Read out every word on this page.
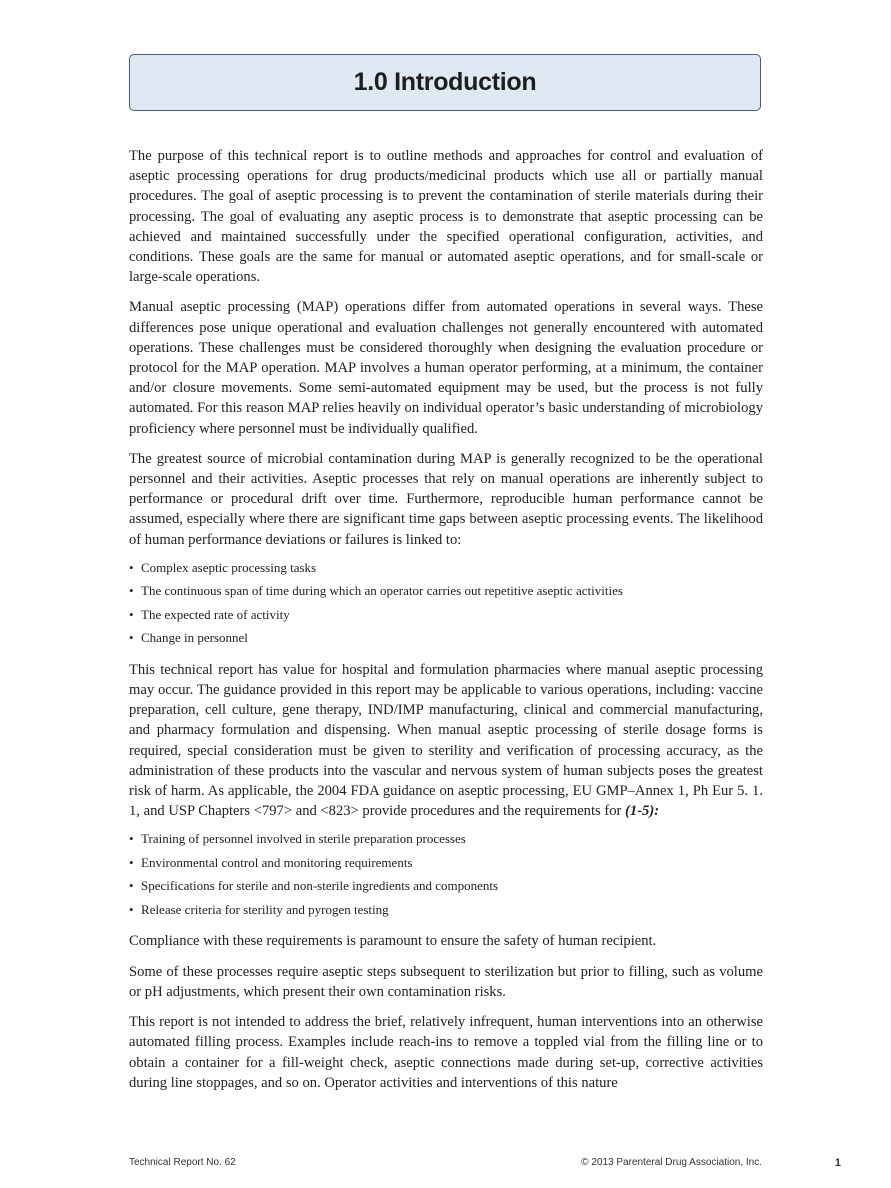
1.0 Introduction

The purpose of this technical report is to outline methods and approaches for control and evaluation of aseptic processing operations for drug products/medicinal products which use all or partially manual procedures. The goal of aseptic processing is to prevent the contamination of sterile materials during their processing. The goal of evaluating any aseptic process is to demonstrate that aseptic processing can be achieved and maintained successfully under the specified operational configuration, activities, and conditions. These goals are the same for manual or automated aseptic operations, and for small-scale or large-scale operations.

Manual aseptic processing (MAP) operations differ from automated operations in several ways. These differences pose unique operational and evaluation challenges not generally encountered with automated operations. These challenges must be considered thoroughly when designing the evaluation procedure or protocol for the MAP operation. MAP involves a human operator performing, at a minimum, the container and/or closure movements. Some semi-automated equipment may be used, but the process is not fully automated. For this reason MAP relies heavily on individual operator’s basic understanding of microbiology proficiency where personnel must be individually qualified.

The greatest source of microbial contamination during MAP is generally recognized to be the operational personnel and their activities. Aseptic processes that rely on manual operations are inherently subject to performance or procedural drift over time. Furthermore, reproducible human performance cannot be assumed, especially where there are significant time gaps between aseptic processing events. The likelihood of human performance deviations or failures is linked to:

• Complex aseptic processing tasks
• The continuous span of time during which an operator carries out repetitive aseptic activities
• The expected rate of activity
• Change in personnel

This technical report has value for hospital and formulation pharmacies where manual aseptic processing may occur. The guidance provided in this report may be applicable to various operations, including: vaccine preparation, cell culture, gene therapy, IND/IMP manufacturing, clinical and commercial manufacturing, and pharmacy formulation and dispensing. When manual aseptic processing of sterile dosage forms is required, special consideration must be given to sterility and verification of processing accuracy, as the administration of these products into the vascular and nervous system of human subjects poses the greatest risk of harm. As applicable, the 2004 FDA guidance on aseptic processing, EU GMP–Annex 1, Ph Eur 5. 1. 1, and USP Chapters <797> and <823> provide procedures and the requirements for (1-5):

• Training of personnel involved in sterile preparation processes
• Environmental control and monitoring requirements
• Specifications for sterile and non-sterile ingredients and components
• Release criteria for sterility and pyrogen testing

Compliance with these requirements is paramount to ensure the safety of human recipient.

Some of these processes require aseptic steps subsequent to sterilization but prior to filling, such as volume or pH adjustments, which present their own contamination risks.

This report is not intended to address the brief, relatively infrequent, human interventions into an otherwise automated filling process. Examples include reach-ins to remove a toppled vial from the filling line or to obtain a container for a fill-weight check, aseptic connections made during set-up, corrective activities during line stoppages, and so on. Operator activities and interventions of this nature

Technical Report No. 62	© 2013 Parenteral Drug Association, Inc.	1
